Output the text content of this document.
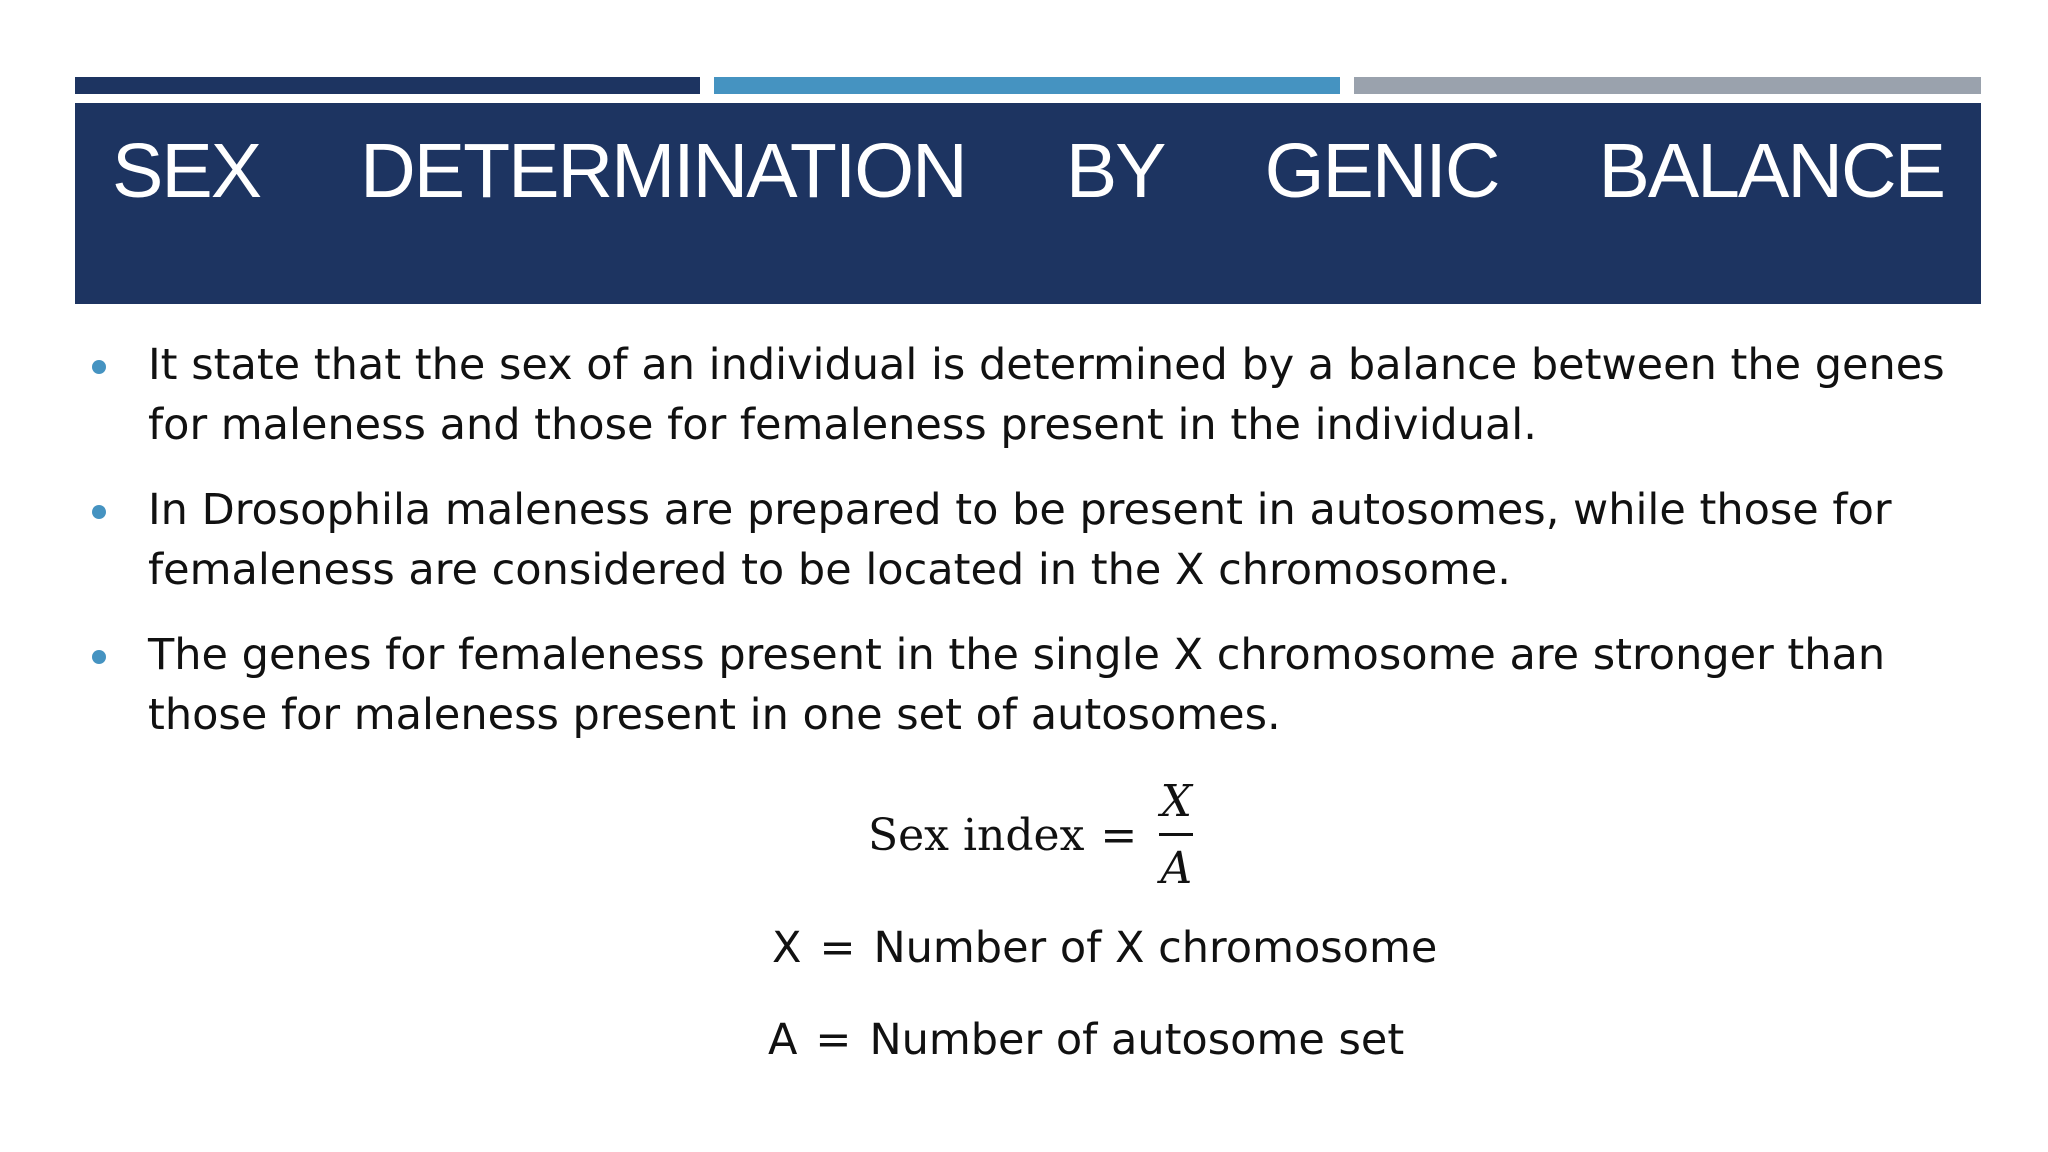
SEX DETERMINATION BY GENIC BALANCE
It state that the sex of an individual is determined by a balance between the genes for maleness and those for femaleness present in the individual.
In Drosophila maleness are prepared to be present in autosomes, while those for femaleness are considered to be located in the X chromosome.
The genes for femaleness present in the single X chromosome are stronger than those for maleness present in one set of autosomes.
Sex index = $\frac{X}{A}$
X = Number of X chromosome
A = Number of autosome set
